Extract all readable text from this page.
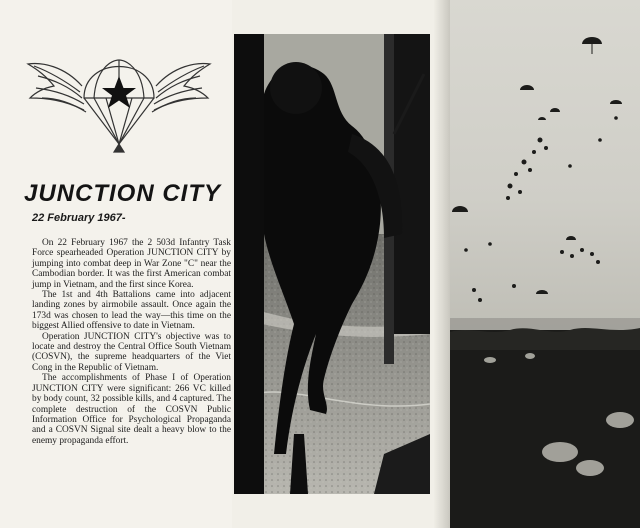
JUNCTION CITY

22 February 1967-

On 22 February 1967 the 2 503d Infantry Task Force spearheaded Operation JUNCTION CITY by jumping into combat deep in War Zone "C" near the Cambodian border. It was the first American combat jump in Vietnam, and the first since Korea.

The 1st and 4th Battalions came into adjacent landing zones by airmobile assault. Once again the 173d was chosen to lead the way—this time on the biggest Allied offensive to date in Vietnam.

Operation JUNCTION CITY's objective was to locate and destroy the Central Office South Vietnam (COSVN), the supreme headquarters of the Viet Cong in the Republic of Vietnam.

The accomplishments of Phase I of Operation JUNCTION CITY were significant: 266 VC killed by body count, 32 possible kills, and 4 captured. The complete destruction of the COSVN Public Information Office for Psychological Propaganda and a COSVN Signal site dealt a heavy blow to the enemy propaganda effort.
